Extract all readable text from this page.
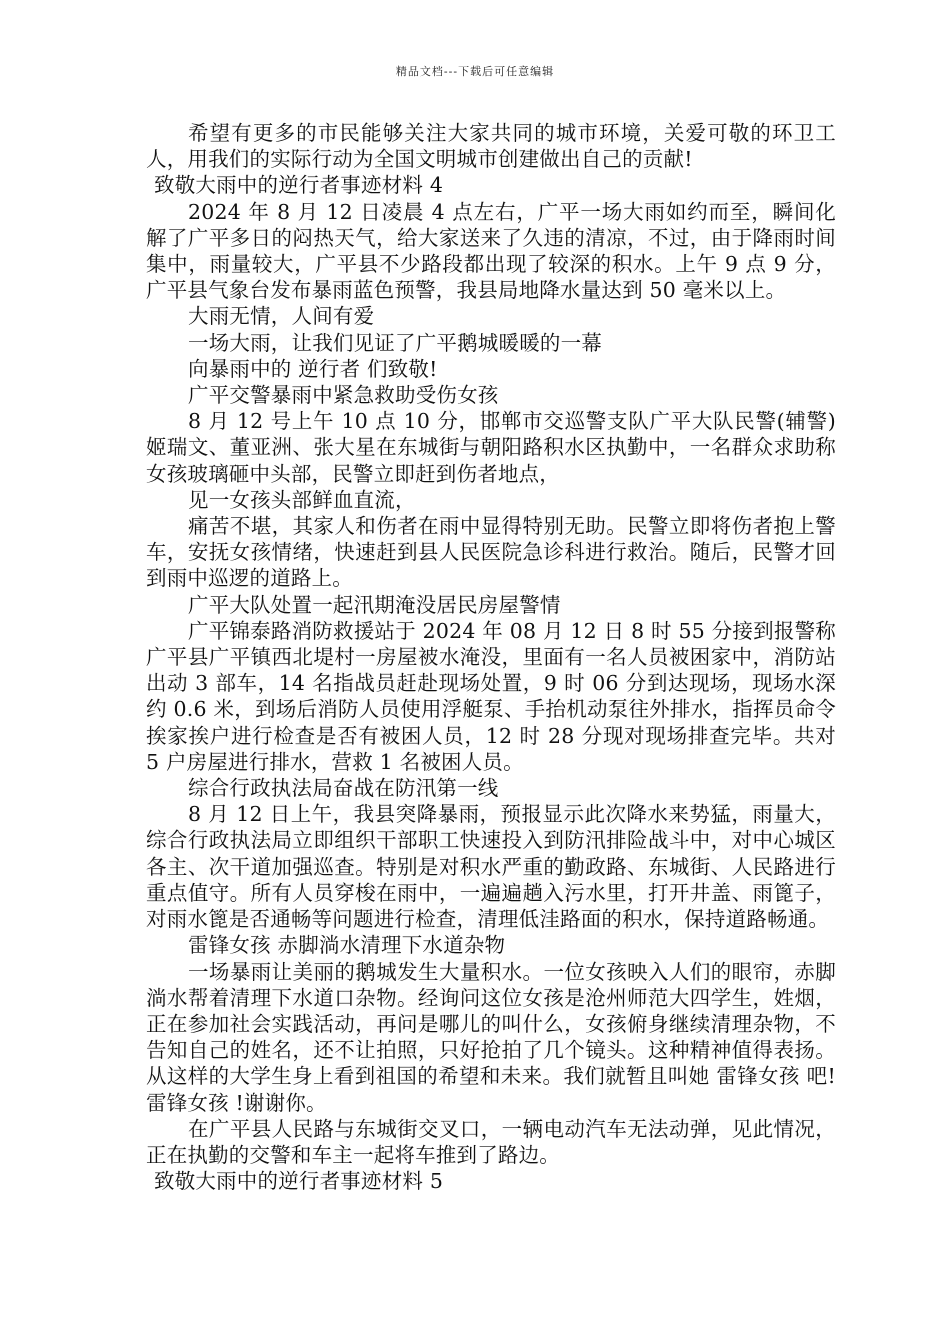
精品文档---下载后可任意编辑

希望有更多的市民能够关注大家共同的城市环境，关爱可敬的环卫工人，用我们的实际行动为全国文明城市创建做出自己的贡献!

致敬大雨中的逆行者事迹材料 4

2024 年 8 月 12 日凌晨 4 点左右，广平一场大雨如约而至，瞬间化解了广平多日的闷热天气，给大家送来了久违的清凉，不过，由于降雨时间集中，雨量较大，广平县不少路段都出现了较深的积水。上午 9 点 9 分，广平县气象台发布暴雨蓝色预警，我县局地降水量达到 50 毫米以上。

大雨无情，人间有爱

一场大雨，让我们见证了广平鹅城暖暖的一幕

向暴雨中的 逆行者 们致敬!

广平交警暴雨中紧急救助受伤女孩

8 月 12 号上午 10 点 10 分，邯郸市交巡警支队广平大队民警(辅警)姬瑞文、董亚洲、张大星在东城街与朝阳路积水区执勤中，一名群众求助称女孩玻璃砸中头部，民警立即赶到伤者地点，

见一女孩头部鲜血直流，

痛苦不堪，其家人和伤者在雨中显得特别无助。民警立即将伤者抱上警车，安抚女孩情绪，快速赶到县人民医院急诊科进行救治。随后，民警才回到雨中巡逻的道路上。

广平大队处置一起汛期淹没居民房屋警情

广平锦泰路消防救援站于 2024 年 08 月 12 日 8 时 55 分接到报警称广平县广平镇西北堤村一房屋被水淹没，里面有一名人员被困家中，消防站出动 3 部车，14 名指战员赶赴现场处置，9 时 06 分到达现场，现场水深约 0.6 米，到场后消防人员使用浮艇泵、手抬机动泵往外排水，指挥员命令挨家挨户进行检查是否有被困人员，12 时 28 分现对现场排查完毕。共对 5 户房屋进行排水，营救 1 名被困人员。

综合行政执法局奋战在防汛第一线

8 月 12 日上午，我县突降暴雨，预报显示此次降水来势猛，雨量大，综合行政执法局立即组织干部职工快速投入到防汛排险战斗中，对中心城区各主、次干道加强巡查。特别是对积水严重的勤政路、东城街、人民路进行重点值守。所有人员穿梭在雨中，一遍遍趟入污水里，打开井盖、雨篦子，对雨水篦是否通畅等问题进行检查，清理低洼路面的积水，保持道路畅通。

雷锋女孩 赤脚淌水清理下水道杂物

一场暴雨让美丽的鹅城发生大量积水。一位女孩映入人们的眼帘，赤脚淌水帮着清理下水道口杂物。经询问这位女孩是沧州师范大四学生，姓烟，正在参加社会实践活动，再问是哪儿的叫什么，女孩俯身继续清理杂物，不告知自己的姓名，还不让拍照，只好抢拍了几个镜头。这种精神值得表扬。从这样的大学生身上看到祖国的希望和未来。我们就暂且叫她 雷锋女孩 吧! 雷锋女孩 !谢谢你。

在广平县人民路与东城街交叉口，一辆电动汽车无法动弹，见此情况，正在执勤的交警和车主一起将车推到了路边。

致敬大雨中的逆行者事迹材料 5
